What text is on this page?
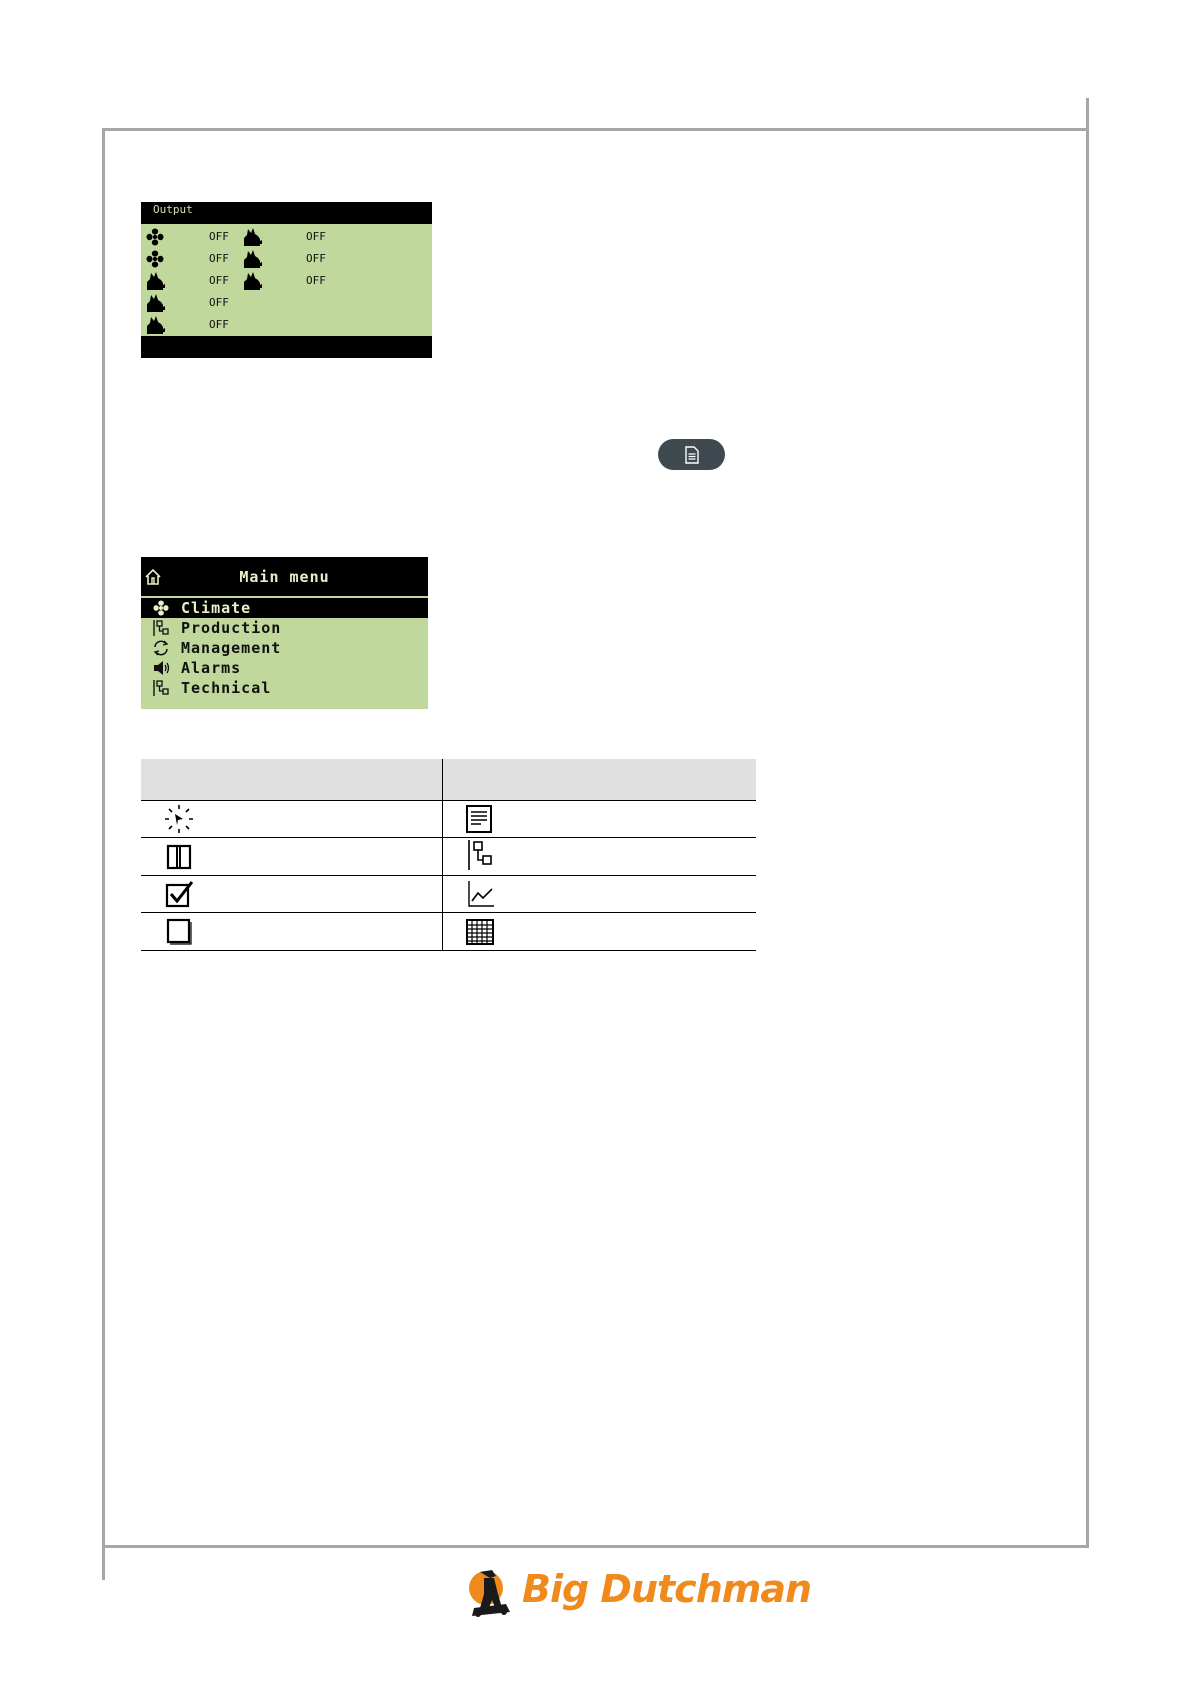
Output
OFF	OFF
OFF	OFF
OFF	OFF
OFF
OFF
Main menu
Climate
Production
Management
Alarms
Technical
Big Dutchman
